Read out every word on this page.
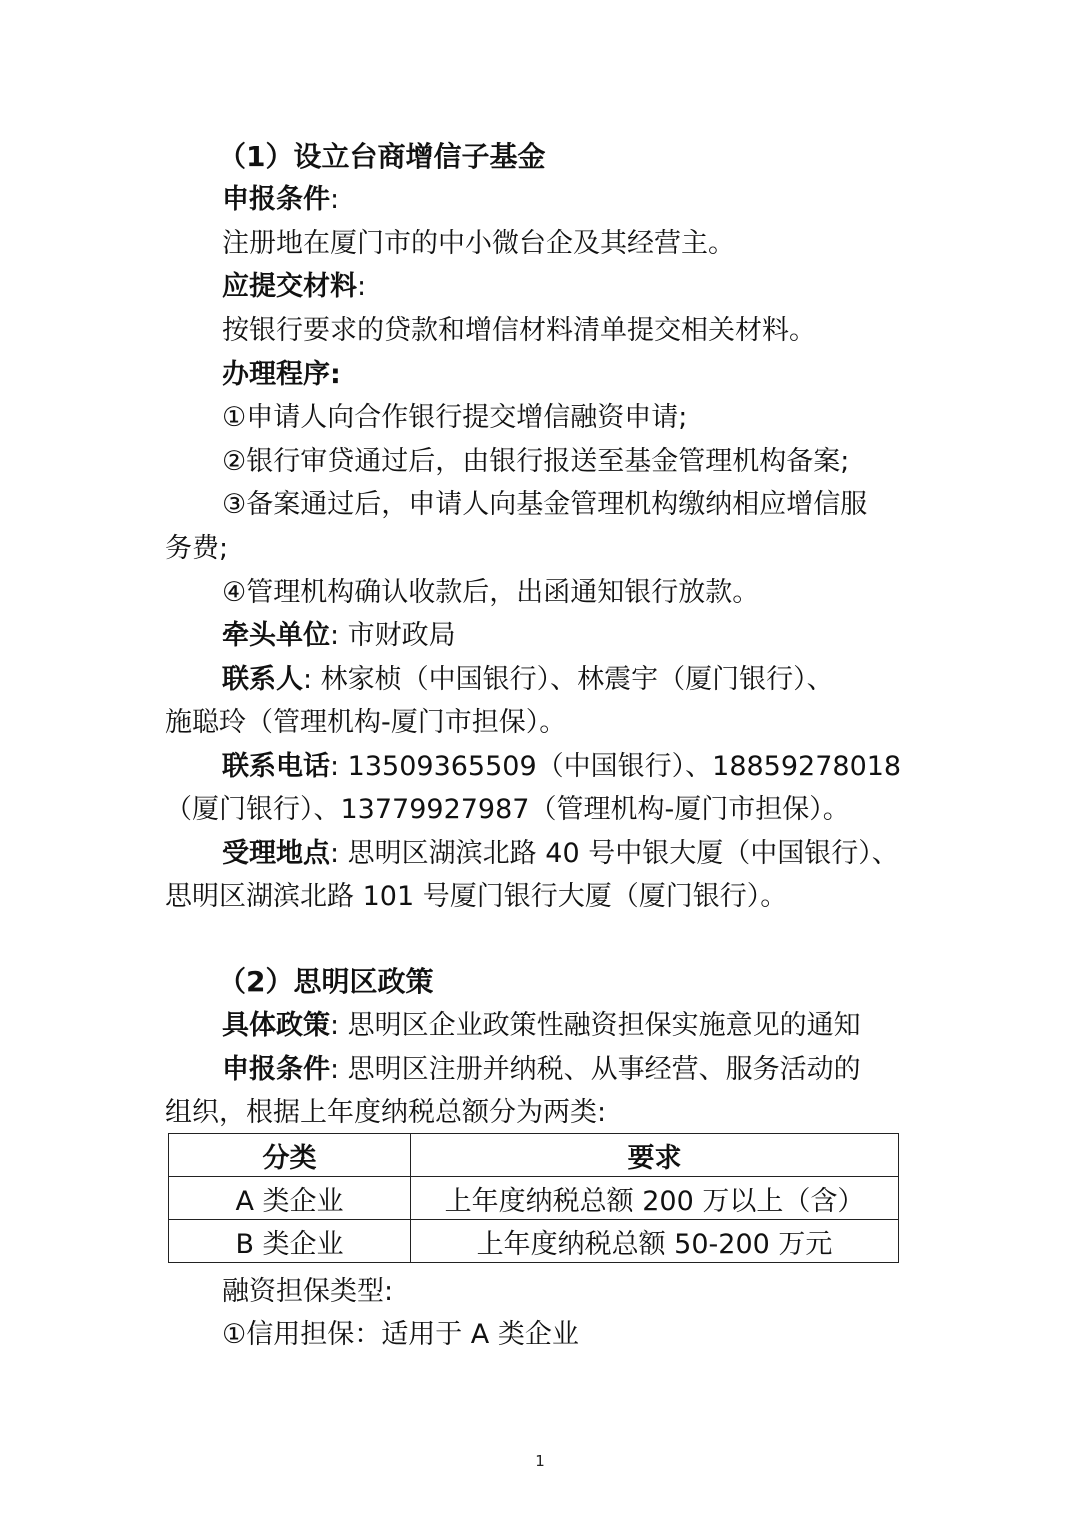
（1）设立台商增信子基金
申报条件:
注册地在厦门市的中小微台企及其经营主。
应提交材料:
按银行要求的贷款和增信材料清单提交相关材料。
办理程序:
①申请人向合作银行提交增信融资申请;
②银行审贷通过后，由银行报送至基金管理机构备案;
③备案通过后，申请人向基金管理机构缴纳相应增信服
务费;
④管理机构确认收款后，出函通知银行放款。
牵头单位: 市财政局
联系人: 林家桢（中国银行）、林震宇（厦门银行）、
施聪玲（管理机构-厦门市担保）。
联系电话: 13509365509（中国银行）、18859278018
（厦门银行）、13779927987（管理机构-厦门市担保）。
受理地点: 思明区湖滨北路 40 号中银大厦（中国银行）、
思明区湖滨北路 101 号厦门银行大厦（厦门银行）。
（2）思明区政策
具体政策: 思明区企业政策性融资担保实施意见的通知
申报条件: 思明区注册并纳税、从事经营、服务活动的
组织，根据上年度纳税总额分为两类:
分类	要求
A 类企业	上年度纳税总额 200 万以上（含）
B 类企业	上年度纳税总额 50-200 万元
融资担保类型:
①信用担保：适用于 A 类企业
1
